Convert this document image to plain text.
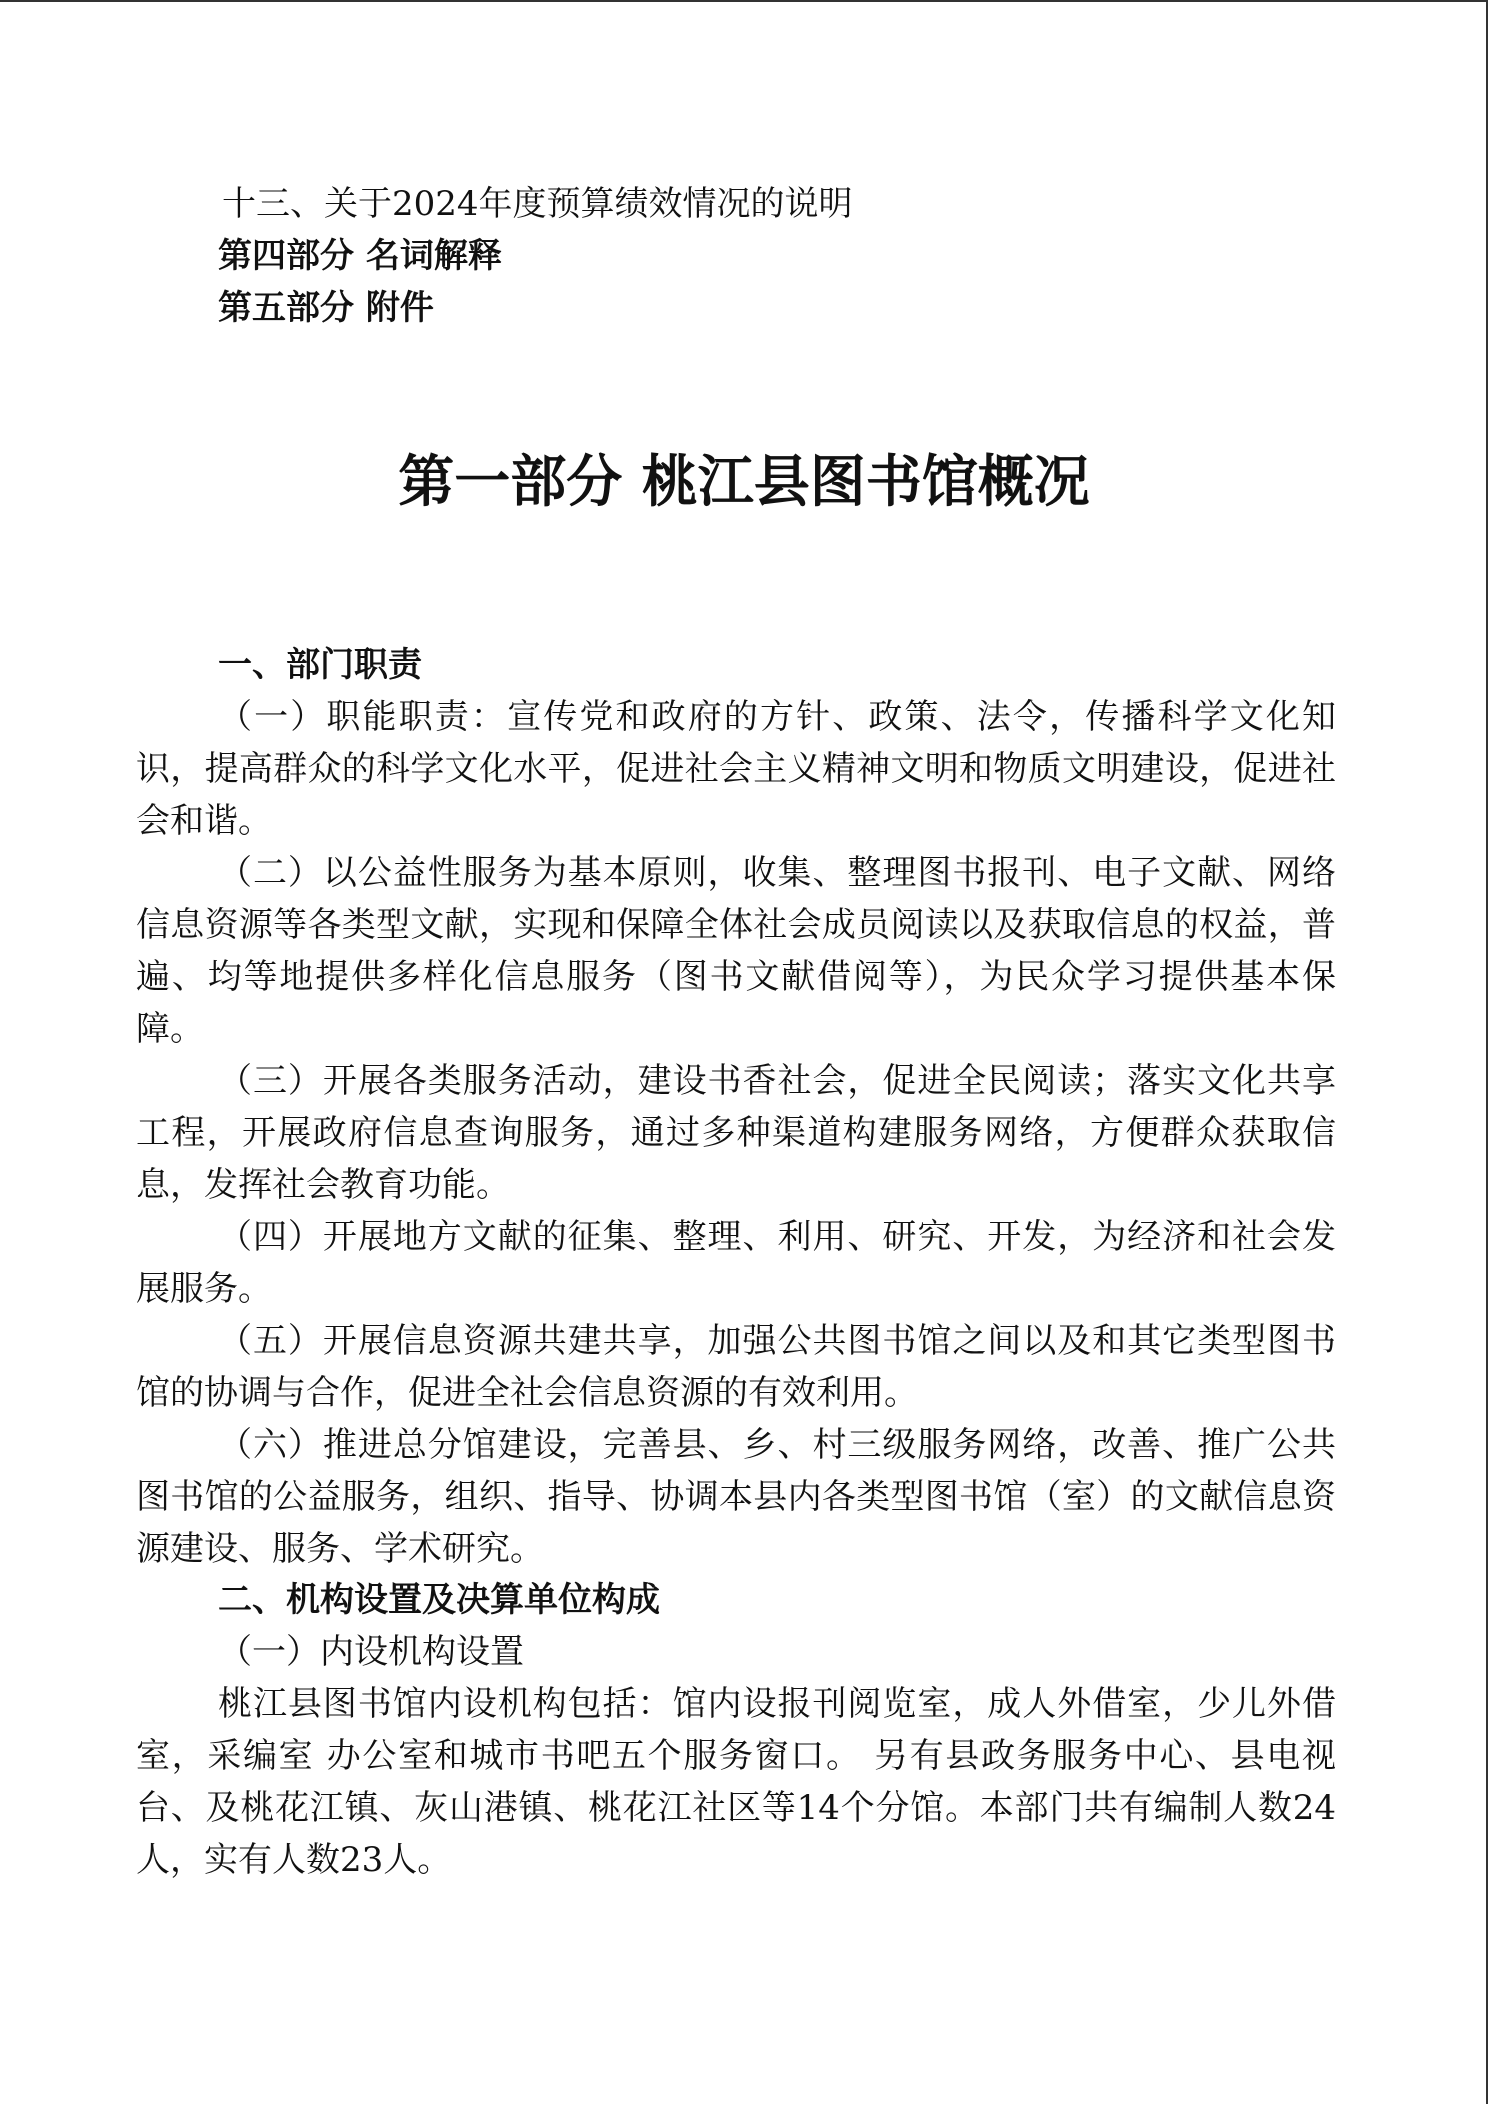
十三、关于2024年度预算绩效情况的说明
第四部分 名词解释
第五部分 附件
第一部分 桃江县图书馆概况
一、部门职责

（一）职能职责：宣传党和政府的方针、政策、法令，传播科学文化知识，提高群众的科学文化水平，促进社会主义精神文明和物质文明建设，促进社会和谐。

（二）以公益性服务为基本原则，收集、整理图书报刊、电子文献、网络信息资源等各类型文献，实现和保障全体社会成员阅读以及获取信息的权益，普遍、均等地提供多样化信息服务（图书文献借阅等），为民众学习提供基本保障。

（三）开展各类服务活动，建设书香社会，促进全民阅读；落实文化共享工程，开展政府信息查询服务，通过多种渠道构建服务网络，方便群众获取信息，发挥社会教育功能。

（四）开展地方文献的征集、整理、利用、研究、开发，为经济和社会发展服务。

（五）开展信息资源共建共享，加强公共图书馆之间以及和其它类型图书馆的协调与合作，促进全社会信息资源的有效利用。

（六）推进总分馆建设，完善县、乡、村三级服务网络，改善、推广公共图书馆的公益服务，组织、指导、协调本县内各类型图书馆（室）的文献信息资源建设、服务、学术研究。

二、机构设置及决算单位构成
（一）内设机构设置

桃江县图书馆内设机构包括：馆内设报刊阅览室，成人外借室，少儿外借室，采编室 办公室和城市书吧五个服务窗口。 另有县政务服务中心、县电视台、及桃花江镇、灰山港镇、桃花江社区等14个分馆。本部门共有编制人数24人，实有人数23人。
